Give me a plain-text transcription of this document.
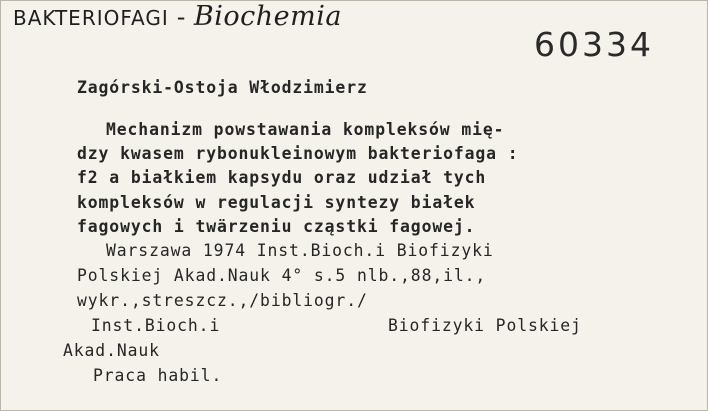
BAKTERIOFAGI - Biochemia
60334
Zagórski-Ostoja Włodzimierz
Mechanizm powstawania kompleksów mię-
dzy kwasem rybonukleinowym bakteriofaga :
f2 a białkiem kapsydu oraz udział tych
kompleksów w regulacji syntezy białek
fagowych i twärzeniu cząstki fagowej.
Warszawa 1974 Inst.Bioch.i Biofizyki
Polskiej Akad.Nauk 4° s.5 nlb.,88,il.,
wykr.,streszcz.,/bibliogr./
Inst.Bioch.i	Biofizyki Polskiej
Akad.Nauk
Praca habil.
